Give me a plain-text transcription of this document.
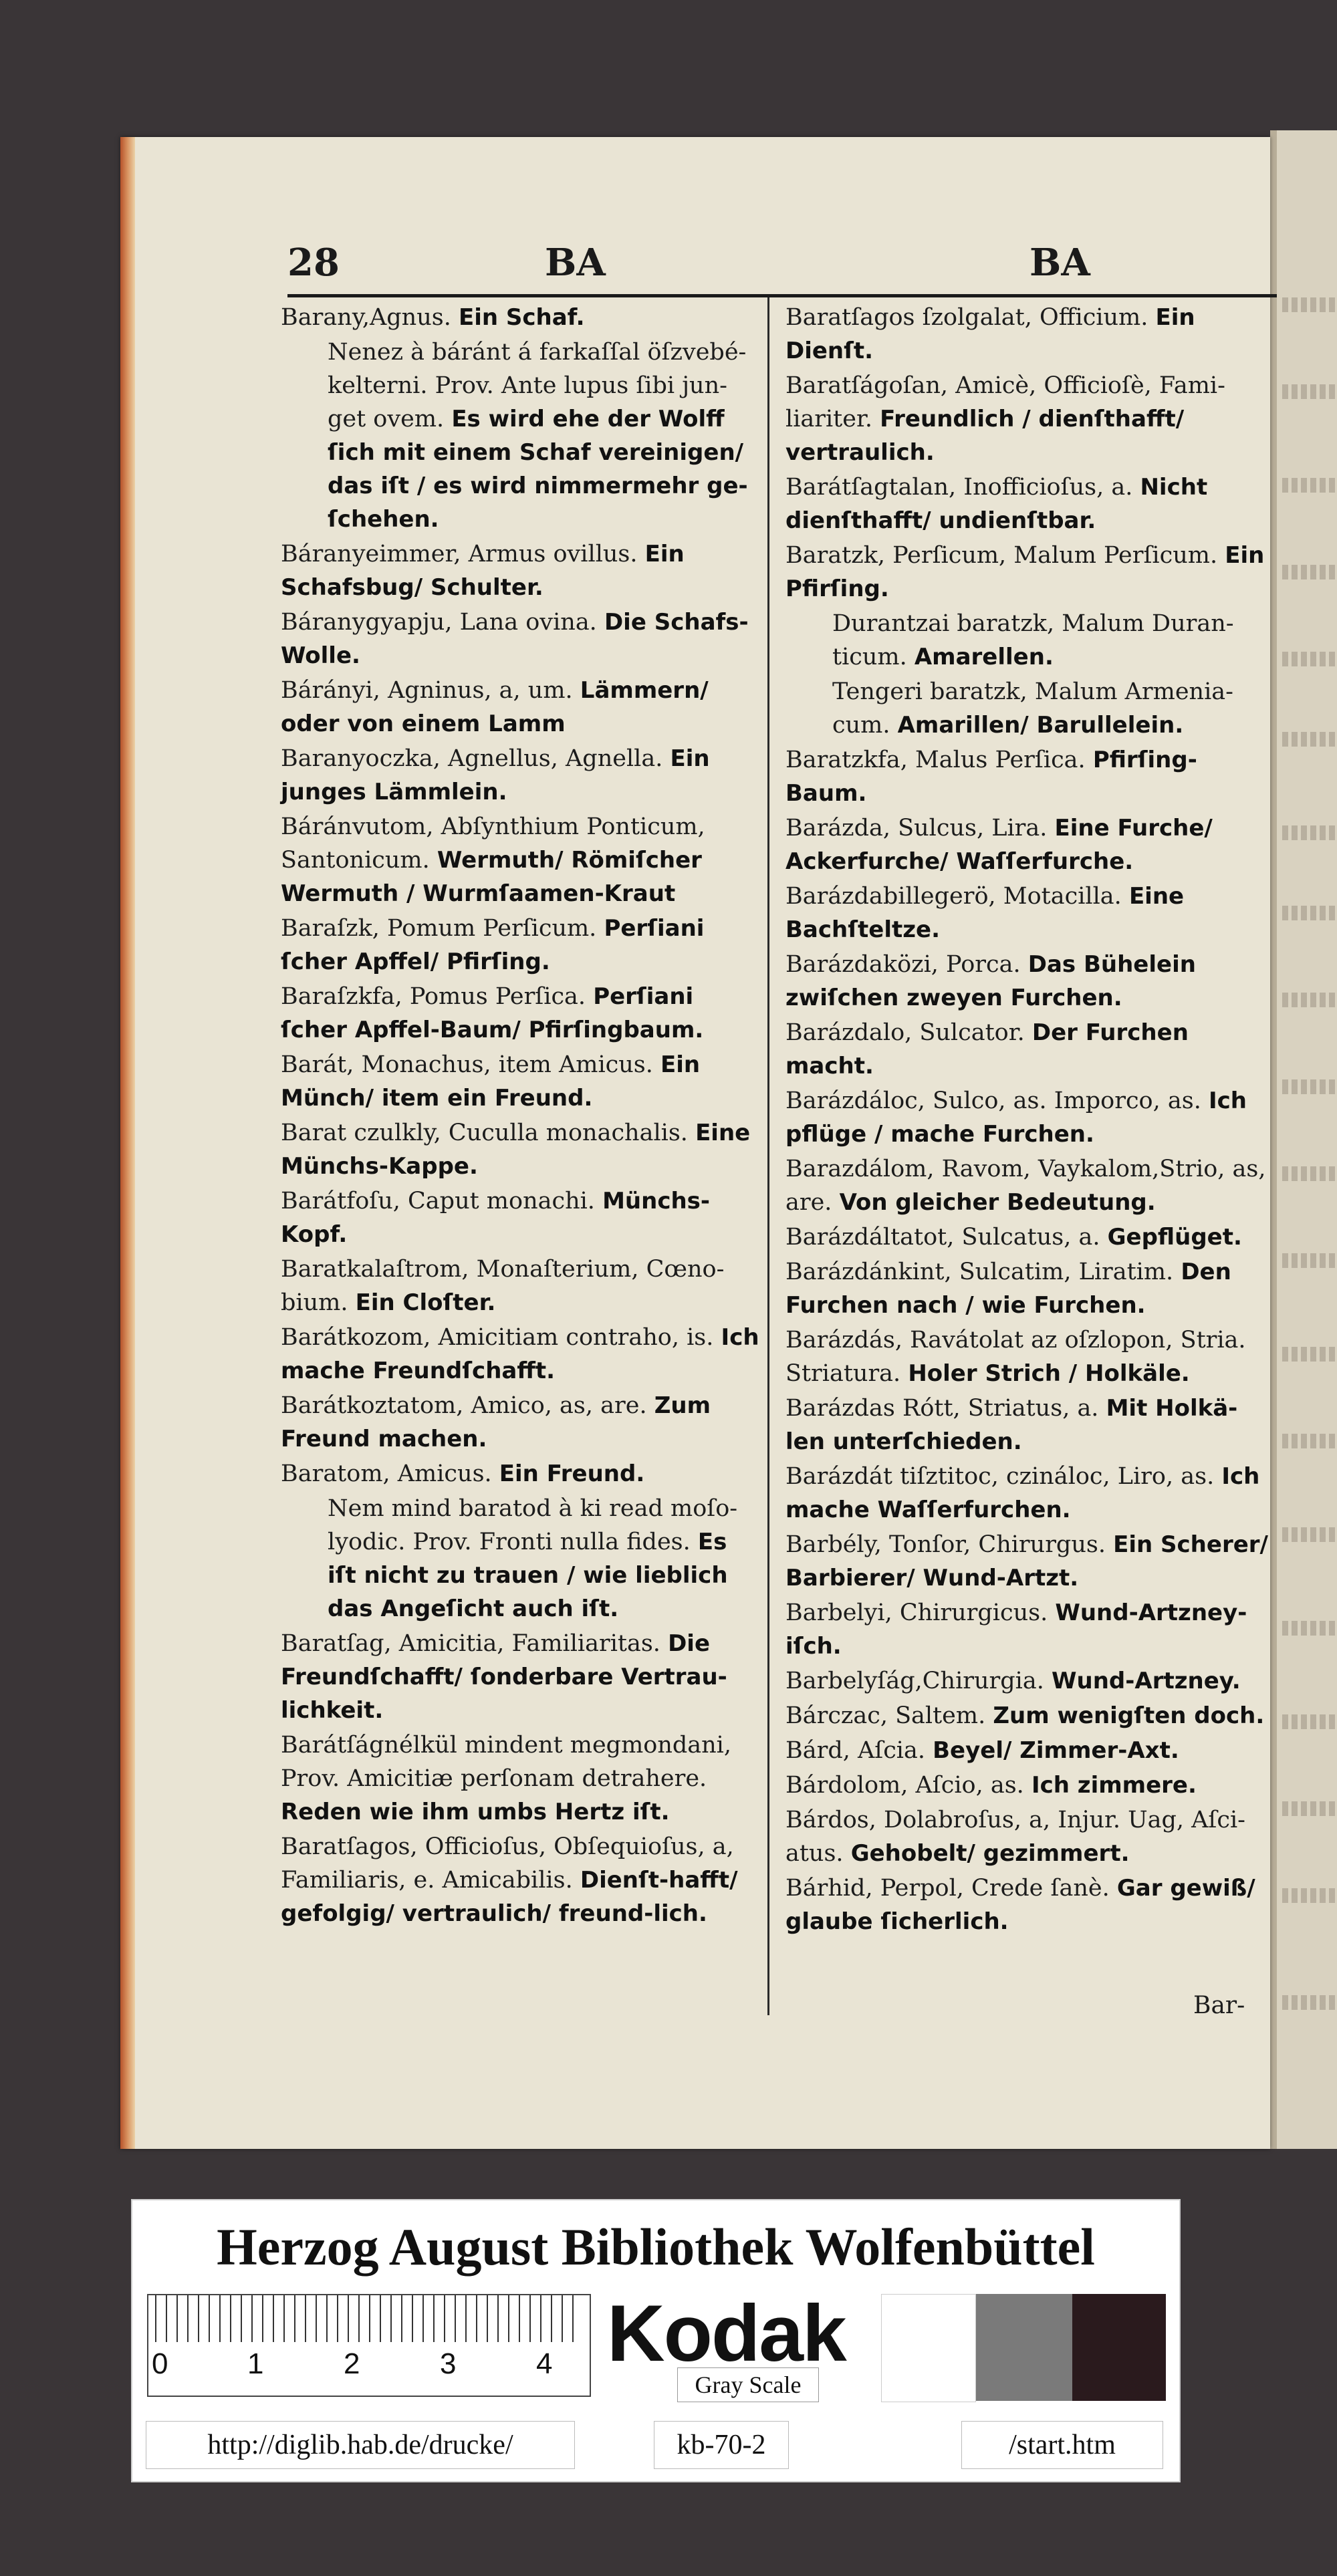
28	BA	BA
Barany,Agnus. Ein Schaf.
Nenez à báránt á farkaſſal öſzvebé-kelterni. Prov. Ante lupus ſibi jun-get ovem. Es wird ehe der Wolff ſich mit einem Schaf vereinigen/ das iſt / es wird nimmermehr ge-ſchehen.
Báranyeimmer, Armus ovillus. Ein Schafsbug/ Schulter.
Báranygyapju, Lana ovina. Die Schafs-Wolle.
Bárányi, Agninus, a, um. Lämmern/ oder von einem Lamm
Baranyoczka, Agnellus, Agnella. Ein junges Lämmlein.
Báránvutom, Abſynthium Ponticum, Santonicum. Wermuth/ Römiſcher Wermuth / Wurmſaamen-Kraut
Baraſzk, Pomum Perſicum. Perſiani ſcher Apffel/ Pfirſing.
Baraſzkfa, Pomus Perſica. Perſiani ſcher Apffel-Baum/ Pfirſingbaum.
Barát, Monachus, item Amicus. Ein Münch/ item ein Freund.
Barat czulkly, Cuculla monachalis. Eine Münchs-Kappe.
Barátfoſu, Caput monachi. Münchs-Kopf.
Baratkalaſtrom, Monaſterium, Cœno-bium. Ein Cloſter.
Barátkozom, Amicitiam contraho, is. Ich mache Freundſchafft.
Barátkoztatom, Amico, as, are. Zum Freund machen.
Baratom, Amicus. Ein Freund.
Nem mind baratod à ki read moſo-lyodic. Prov. Fronti nulla fides. Es iſt nicht zu trauen / wie lieblich das Angeſicht auch iſt.
Baratſag, Amicitia, Familiaritas. Die Freundſchafft/ ſonderbare Vertrau-lichkeit.
Barátſágnélkül mindent megmondani, Prov. Amicitiæ perſonam detrahere. Reden wie ihm umbs Hertz iſt.
Baratſagos, Officioſus, Obſequioſus, a, Familiaris, e. Amicabilis. Dienſt-hafft/ gefolgig/ vertraulich/ freund-lich.
Baratſagos ſzolgalat, Officium. Ein Dienſt.
Baratſágoſan, Amicè, Officioſè, Fami-liariter. Freundlich / dienſthafft/ vertraulich.
Barátſagtalan, Inofficioſus, a. Nicht dienſthafft/ undienſtbar.
Baratzk, Perſicum, Malum Perſicum. Ein Pfirſing.
Durantzai baratzk, Malum Duran-ticum. Amarellen.
Tengeri baratzk, Malum Armenia-cum. Amarillen/ Barullelein.
Baratzkfa, Malus Perſica. Pfirſing-Baum.
Barázda, Sulcus, Lira. Eine Furche/ Ackerfurche/ Waſſerfurche.
Barázdabillegerö, Motacilla. Eine Bachſteltze.
Barázdaközi, Porca. Das Bühelein zwiſchen zweyen Furchen.
Barázdalo, Sulcator. Der Furchen macht.
Barázdáloc, Sulco, as. Imporco, as. Ich pflüge / mache Furchen.
Barazdálom, Ravom, Vaykalom,Strio, as, are. Von gleicher Bedeutung.
Barázdáltatot, Sulcatus, a. Gepflüget.
Barázdánkint, Sulcatim, Liratim. Den Furchen nach / wie Furchen.
Barázdás, Ravátolat az oſzlopon, Stria. Striatura. Holer Strich / Holkäle.
Barázdas Rótt, Striatus, a. Mit Holkä-len unterſchieden.
Barázdát tiſztitoc, czináloc, Liro, as. Ich mache Waſſerfurchen.
Barbély, Tonſor, Chirurgus. Ein Scherer/ Barbierer/ Wund-Artzt.
Barbelyi, Chirurgicus. Wund-Artzney-iſch.
Barbelyſág,Chirurgia. Wund-Artzney.
Bárczac, Saltem. Zum wenigſten doch.
Bárd, Aſcia. Beyel/ Zimmer-Axt.
Bárdolom, Aſcio, as. Ich zimmere.
Bárdos, Dolabroſus, a, Injur. Uag, Aſci-atus. Gehobelt/ gezimmert.
Bárhid, Perpol, Crede ſanè. Gar gewiß/ glaube ſicherlich.
Bar-
Herzog August Bibliothek Wolfenbüttel
0	1	2	3	4 Kodak
Gray Scale
http://diglib.hab.de/drucke/	kb-70-2	/start.htm
